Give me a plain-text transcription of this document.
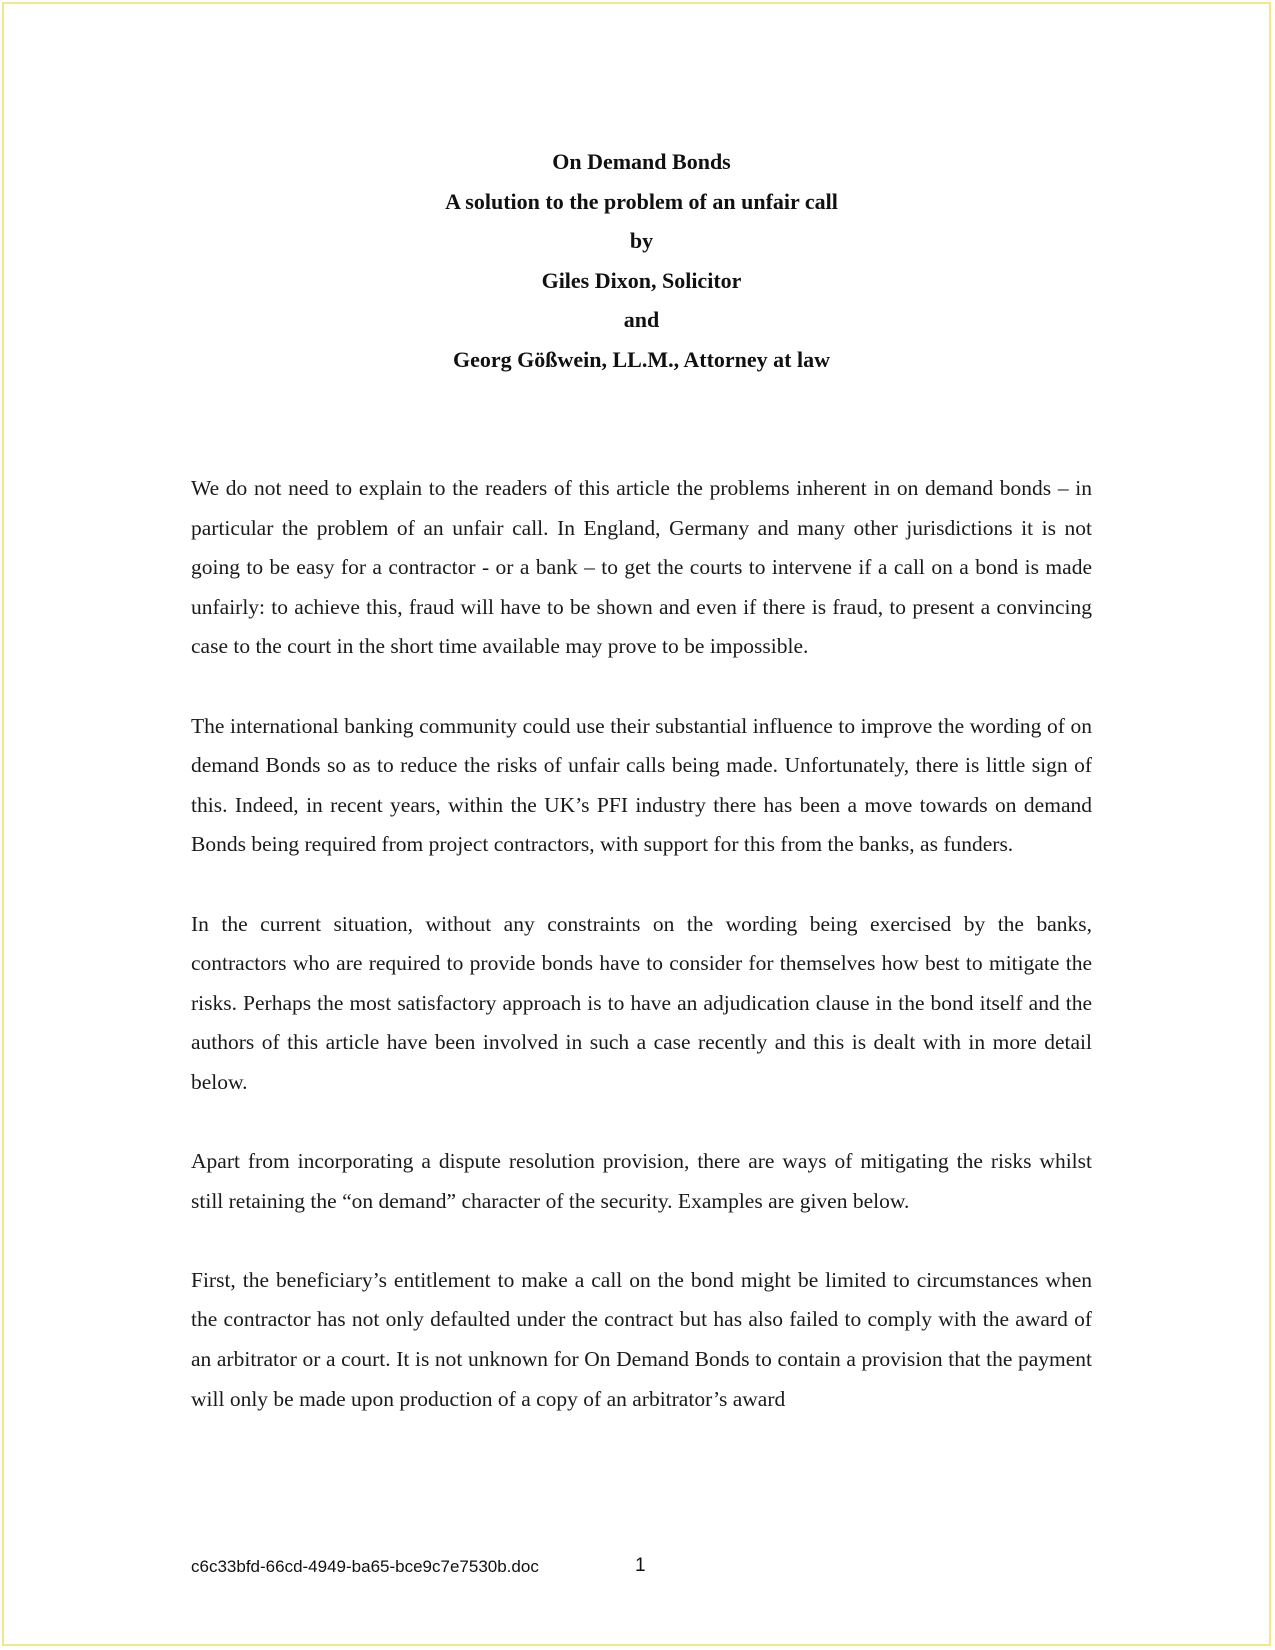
On Demand Bonds
A solution to the problem of an unfair call
by
Giles Dixon, Solicitor
and
Georg Gößwein, LL.M., Attorney at law

We do not need to explain to the readers of this article the problems inherent in on demand bonds – in particular the problem of an unfair call. In England, Germany and many other jurisdictions it is not going to be easy for a contractor - or a bank – to get the courts to intervene if a call on a bond is made unfairly: to achieve this, fraud will have to be shown and even if there is fraud, to present a convincing case to the court in the short time available may prove to be impossible.

The international banking community could use their substantial influence to improve the wording of on demand Bonds so as to reduce the risks of unfair calls being made. Unfortunately, there is little sign of this. Indeed, in recent years, within the UK’s PFI industry there has been a move towards on demand Bonds being required from project contractors, with support for this from the banks, as funders.

In the current situation, without any constraints on the wording being exercised by the banks, contractors who are required to provide bonds have to consider for themselves how best to mitigate the risks. Perhaps the most satisfactory approach is to have an adjudication clause in the bond itself and the authors of this article have been involved in such a case recently and this is dealt with in more detail below.

Apart from incorporating a dispute resolution provision, there are ways of mitigating the risks whilst still retaining the “on demand” character of the security. Examples are given below.

First, the beneficiary’s entitlement to make a call on the bond might be limited to circumstances when the contractor has not only defaulted under the contract but has also failed to comply with the award of an arbitrator or a court. It is not unknown for On Demand Bonds to contain a provision that the payment will only be made upon production of a copy of an arbitrator’s award

c6c33bfd-66cd-4949-ba65-bce9c7e7530b.doc	1
